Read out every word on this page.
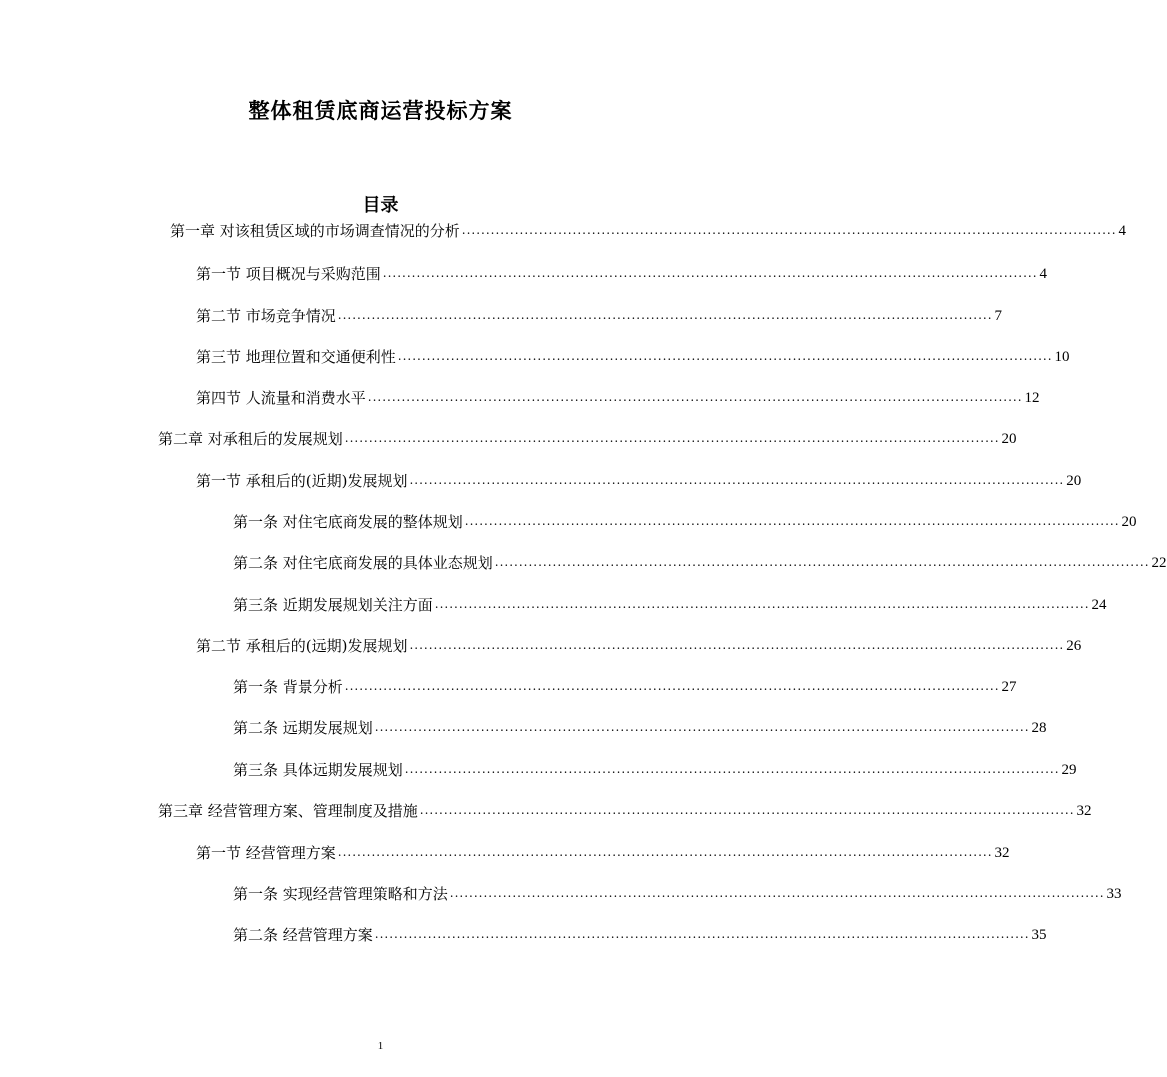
整体租赁底商运营投标方案
目录
第一章 对该租赁区域的市场调查情况的分析 ........................................................................................................................................ 4
第一节 项目概况与采购范围 ........................................................................................................................................ 4
第二节 市场竞争情况 ........................................................................................................................................ 7
第三节 地理位置和交通便利性 ........................................................................................................................................ 10
第四节 人流量和消费水平 ........................................................................................................................................ 12
第二章 对承租后的发展规划 ........................................................................................................................................ 20
第一节 承租后的(近期)发展规划 ........................................................................................................................................ 20
第一条 对住宅底商发展的整体规划 ........................................................................................................................................ 20
第二条 对住宅底商发展的具体业态规划 ........................................................................................................................................ 22
第三条 近期发展规划关注方面 ........................................................................................................................................ 24
第二节 承租后的(远期)发展规划 ........................................................................................................................................ 26
第一条 背景分析 ........................................................................................................................................ 27
第二条 远期发展规划 ........................................................................................................................................ 28
第三条 具体远期发展规划 ........................................................................................................................................ 29
第三章 经营管理方案、管理制度及措施 ........................................................................................................................................ 32
第一节 经营管理方案 ........................................................................................................................................ 32
第一条 实现经营管理策略和方法 ........................................................................................................................................ 33
第二条 经营管理方案 ........................................................................................................................................ 35
1
